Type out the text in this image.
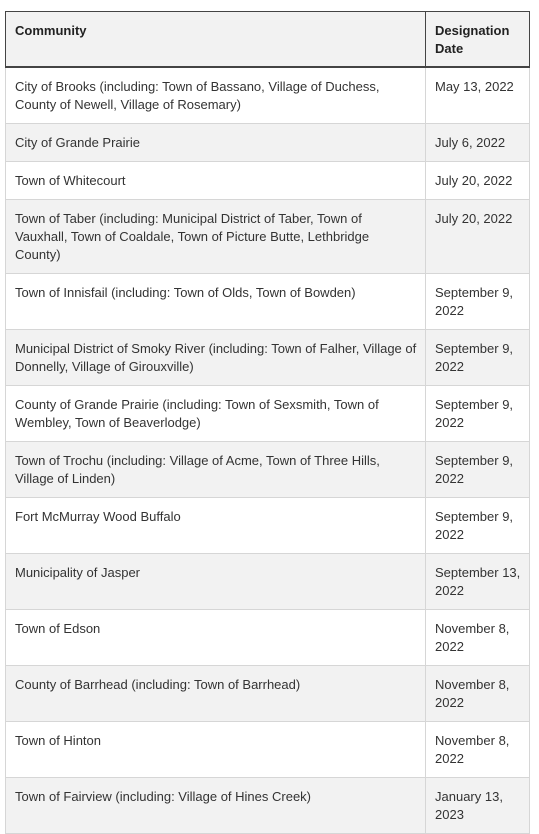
Community	Designation Date
City of Brooks (including: Town of Bassano, Village of Duchess, County of Newell, Village of Rosemary)	May 13, 2022
City of Grande Prairie	July 6, 2022
Town of Whitecourt	July 20, 2022
Town of Taber (including: Municipal District of Taber, Town of Vauxhall, Town of Coaldale, Town of Picture Butte, Lethbridge County)	July 20, 2022
Town of Innisfail (including: Town of Olds, Town of Bowden)	September 9, 2022
Municipal District of Smoky River (including: Town of Falher, Village of Donnelly, Village of Girouxville)	September 9, 2022
County of Grande Prairie (including: Town of Sexsmith, Town of Wembley, Town of Beaverlodge)	September 9, 2022
Town of Trochu (including: Village of Acme, Town of Three Hills, Village of Linden)	September 9, 2022
Fort McMurray Wood Buffalo	September 9, 2022
Municipality of Jasper	September 13, 2022
Town of Edson	November 8, 2022
County of Barrhead (including: Town of Barrhead)	November 8, 2022
Town of Hinton	November 8, 2022
Town of Fairview (including: Village of Hines Creek)	January 13, 2023
